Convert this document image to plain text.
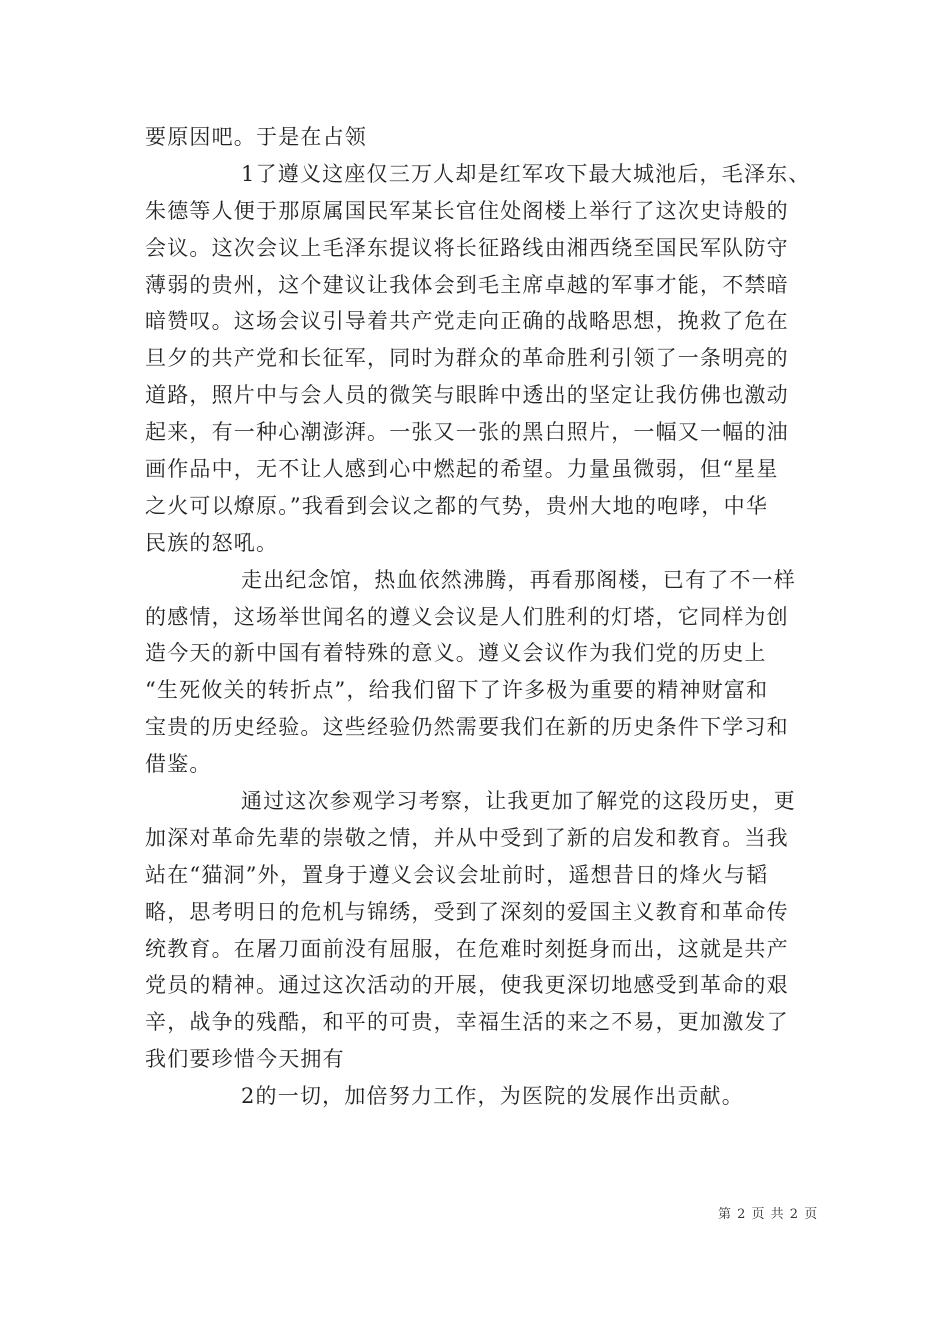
要原因吧。于是在占领
1了遵义这座仅三万人却是红军攻下最大城池后，毛泽东、
朱德等人便于那原属国民军某长官住处阁楼上举行了这次史诗般的
会议。这次会议上毛泽东提议将长征路线由湘西绕至国民军队防守
薄弱的贵州，这个建议让我体会到毛主席卓越的军事才能，不禁暗
暗赞叹。这场会议引导着共产党走向正确的战略思想，挽救了危在
旦夕的共产党和长征军，同时为群众的革命胜利引领了一条明亮的
道路，照片中与会人员的微笑与眼眸中透出的坚定让我仿佛也激动
起来，有一种心潮澎湃。一张又一张的黑白照片，一幅又一幅的油
画作品中，无不让人感到心中燃起的希望。力量虽微弱，但“星星
之火可以燎原。”我看到会议之都的气势，贵州大地的咆哮，中华
民族的怒吼。
走出纪念馆，热血依然沸腾，再看那阁楼，已有了不一样
的感情，这场举世闻名的遵义会议是人们胜利的灯塔，它同样为创
造今天的新中国有着特殊的意义。遵义会议作为我们党的历史上
“生死攸关的转折点”，给我们留下了许多极为重要的精神财富和
宝贵的历史经验。这些经验仍然需要我们在新的历史条件下学习和
借鉴。
通过这次参观学习考察，让我更加了解党的这段历史，更
加深对革命先辈的崇敬之情，并从中受到了新的启发和教育。当我
站在“猫洞”外，置身于遵义会议会址前时，遥想昔日的烽火与韬
略，思考明日的危机与锦绣，受到了深刻的爱国主义教育和革命传
统教育。在屠刀面前没有屈服，在危难时刻挺身而出，这就是共产
党员的精神。通过这次活动的开展，使我更深切地感受到革命的艰
辛，战争的残酷，和平的可贵，幸福生活的来之不易，更加激发了
我们要珍惜今天拥有
2的一切，加倍努力工作，为医院的发展作出贡献。
第 2 页 共 2 页
